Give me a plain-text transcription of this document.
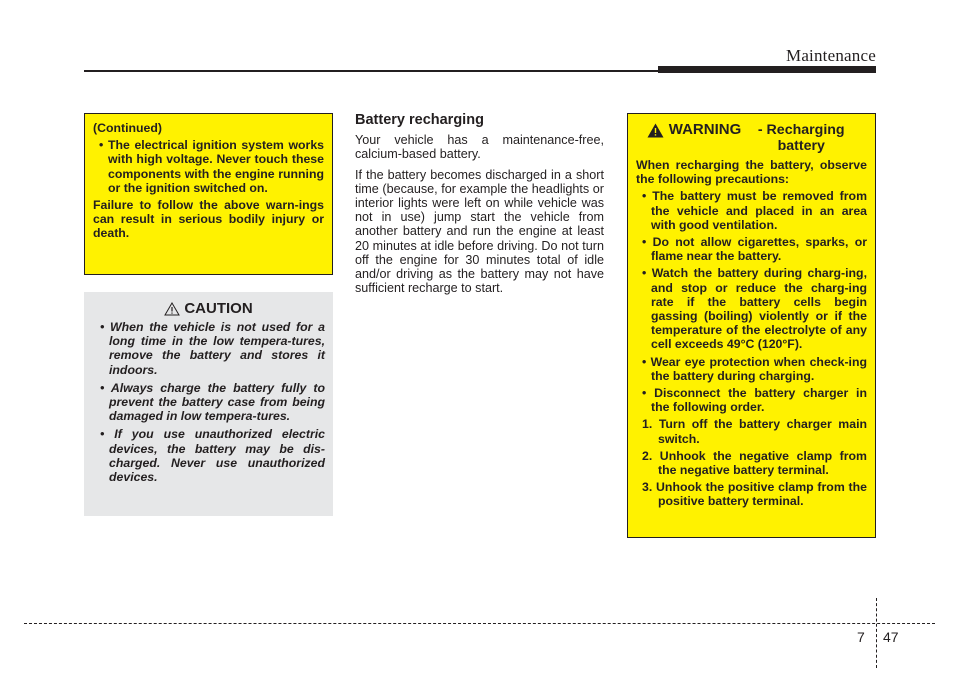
Maintenance

(Continued)

• The electrical ignition system works with high voltage. Never touch these components with the engine running or the ignition switched on.

Failure to follow the above warn-ings can result in serious bodily injury or death.

CAUTION

• When the vehicle is not used for a long time in the low tempera-tures, remove the battery and stores it indoors.

• Always charge the battery fully to prevent the battery case from being damaged in low tempera-tures.

• If you use unauthorized electric devices, the battery may be dis-charged. Never use unauthorized devices.

Battery recharging

Your vehicle has a maintenance-free, calcium-based battery.

If the battery becomes discharged in a short time (because, for example the headlights or interior lights were left on while vehicle was not in use) jump start the vehicle from another battery and run the engine at least 20 minutes at idle before driving. Do not turn off the engine for 30 minutes total of idle and/or driving as the battery may not have sufficient recharge to start.

WARNING	- Recharging battery

When recharging the battery, observe the following precautions:

• The battery must be removed from the vehicle and placed in an area with good ventilation.

• Do not allow cigarettes, sparks, or flame near the battery.

• Watch the battery during charg-ing, and stop or reduce the charg-ing rate if the battery cells begin gassing (boiling) violently or if the temperature of the electrolyte of any cell exceeds 49°C (120°F).

• Wear eye protection when check-ing the battery during charging.

• Disconnect the battery charger in the following order.

1. Turn off the battery charger main switch.

2. Unhook the negative clamp from the negative battery terminal.

3. Unhook the positive clamp from the positive battery terminal.

7 47
